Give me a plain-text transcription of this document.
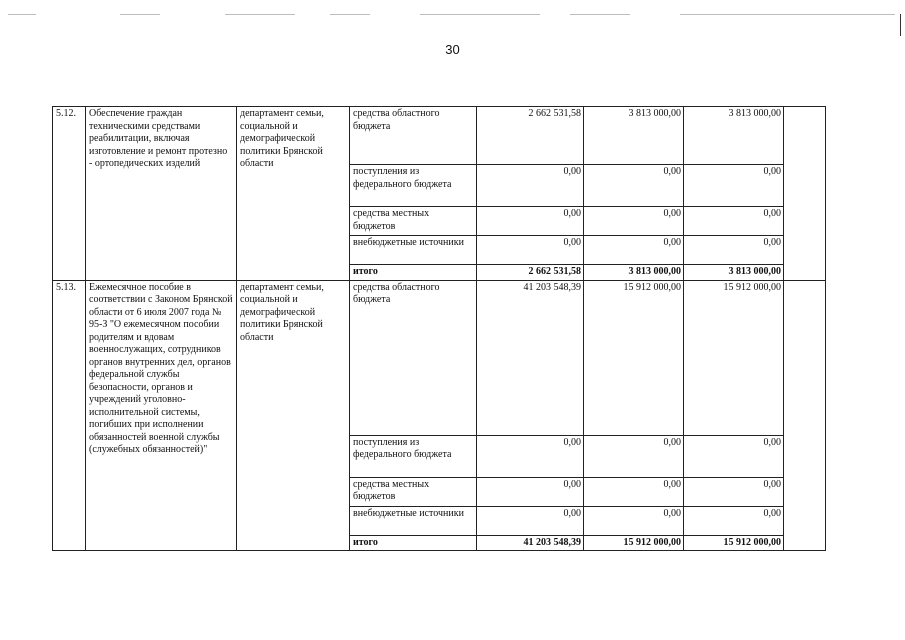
30
5.12.	Обеспечение граждан техническими средствами реабилитации, включая изготовление и ремонт протезно - ортопедических изделий	департамент семьи, социальной и демографической политики Брянской области	средства областного бюджета	2 662 531,58	3 813 000,00	3 813 000,00	
			поступления из федерального бюджета	0,00	0,00	0,00	
			средства местных бюджетов	0,00	0,00	0,00	
			внебюджетные источники	0,00	0,00	0,00	
			итого	2 662 531,58	3 813 000,00	3 813 000,00	
5.13.	Ежемесячное пособие в соответствии с Законом Брянской области от 6 июля 2007 года № 95-З "О ежемесячном пособии родителям и вдовам военнослужащих, сотрудников органов внутренних дел, органов федеральной службы безопасности, органов и учреждений уголовно-исполнительной системы, погибших при исполнении обязанностей военной службы (служебных обязанностей)"	департамент семьи, социальной и демографической политики Брянской области	средства областного бюджета	41 203 548,39	15 912 000,00	15 912 000,00	
			поступления из федерального бюджета	0,00	0,00	0,00	
			средства местных бюджетов	0,00	0,00	0,00	
			внебюджетные источники	0,00	0,00	0,00	
			итого	41 203 548,39	15 912 000,00	15 912 000,00	
